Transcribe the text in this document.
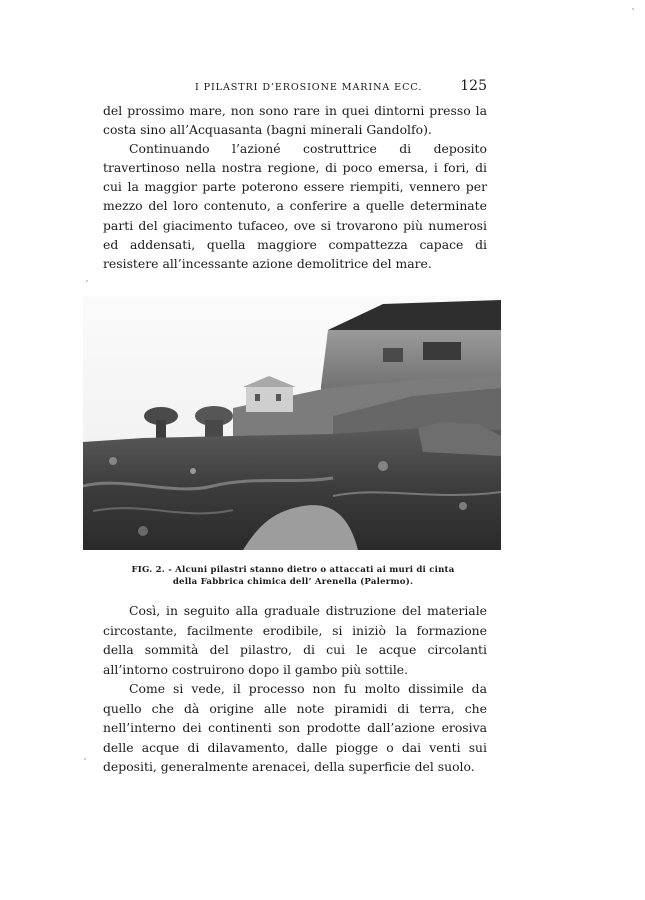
I PILASTRI D’EROSIONE MARINA ECC.	125

del prossimo mare, non sono rare in quei dintorni presso la costa sino all’Acquasanta (bagni minerali Gandolfo).

Continuando l’azioné costruttrice di deposito travertinoso nella nostra regione, di poco emersa, i fori, di cui la maggior parte poterono essere riempiti, vennero per mezzo del loro contenuto, a conferire a quelle determinate parti del giacimento tufaceo, ove si trovarono più numerosi ed addensati, quella maggiore compattezza capace di resistere all’incessante azione demolitrice del mare.

FIG. 2. - Alcuni pilastri stanno dietro o attaccati ai muri di cinta della Fabbrica chimica dell’ Arenella (Palermo).

Così, in seguito alla graduale distruzione del materiale circostante, facilmente erodibile, si iniziò la formazione della sommità del pilastro, di cui le acque circolanti all’intorno costruirono dopo il gambo più sottile.

Come si vede, il processo non fu molto dissimile da quello che dà origine alle note piramidi di terra, che nell’interno dei continenti son prodotte dall’azione erosiva delle acque di dilavamento, dalle piogge o dai venti sui depositi, generalmente arenacei, della superficie del suolo.
